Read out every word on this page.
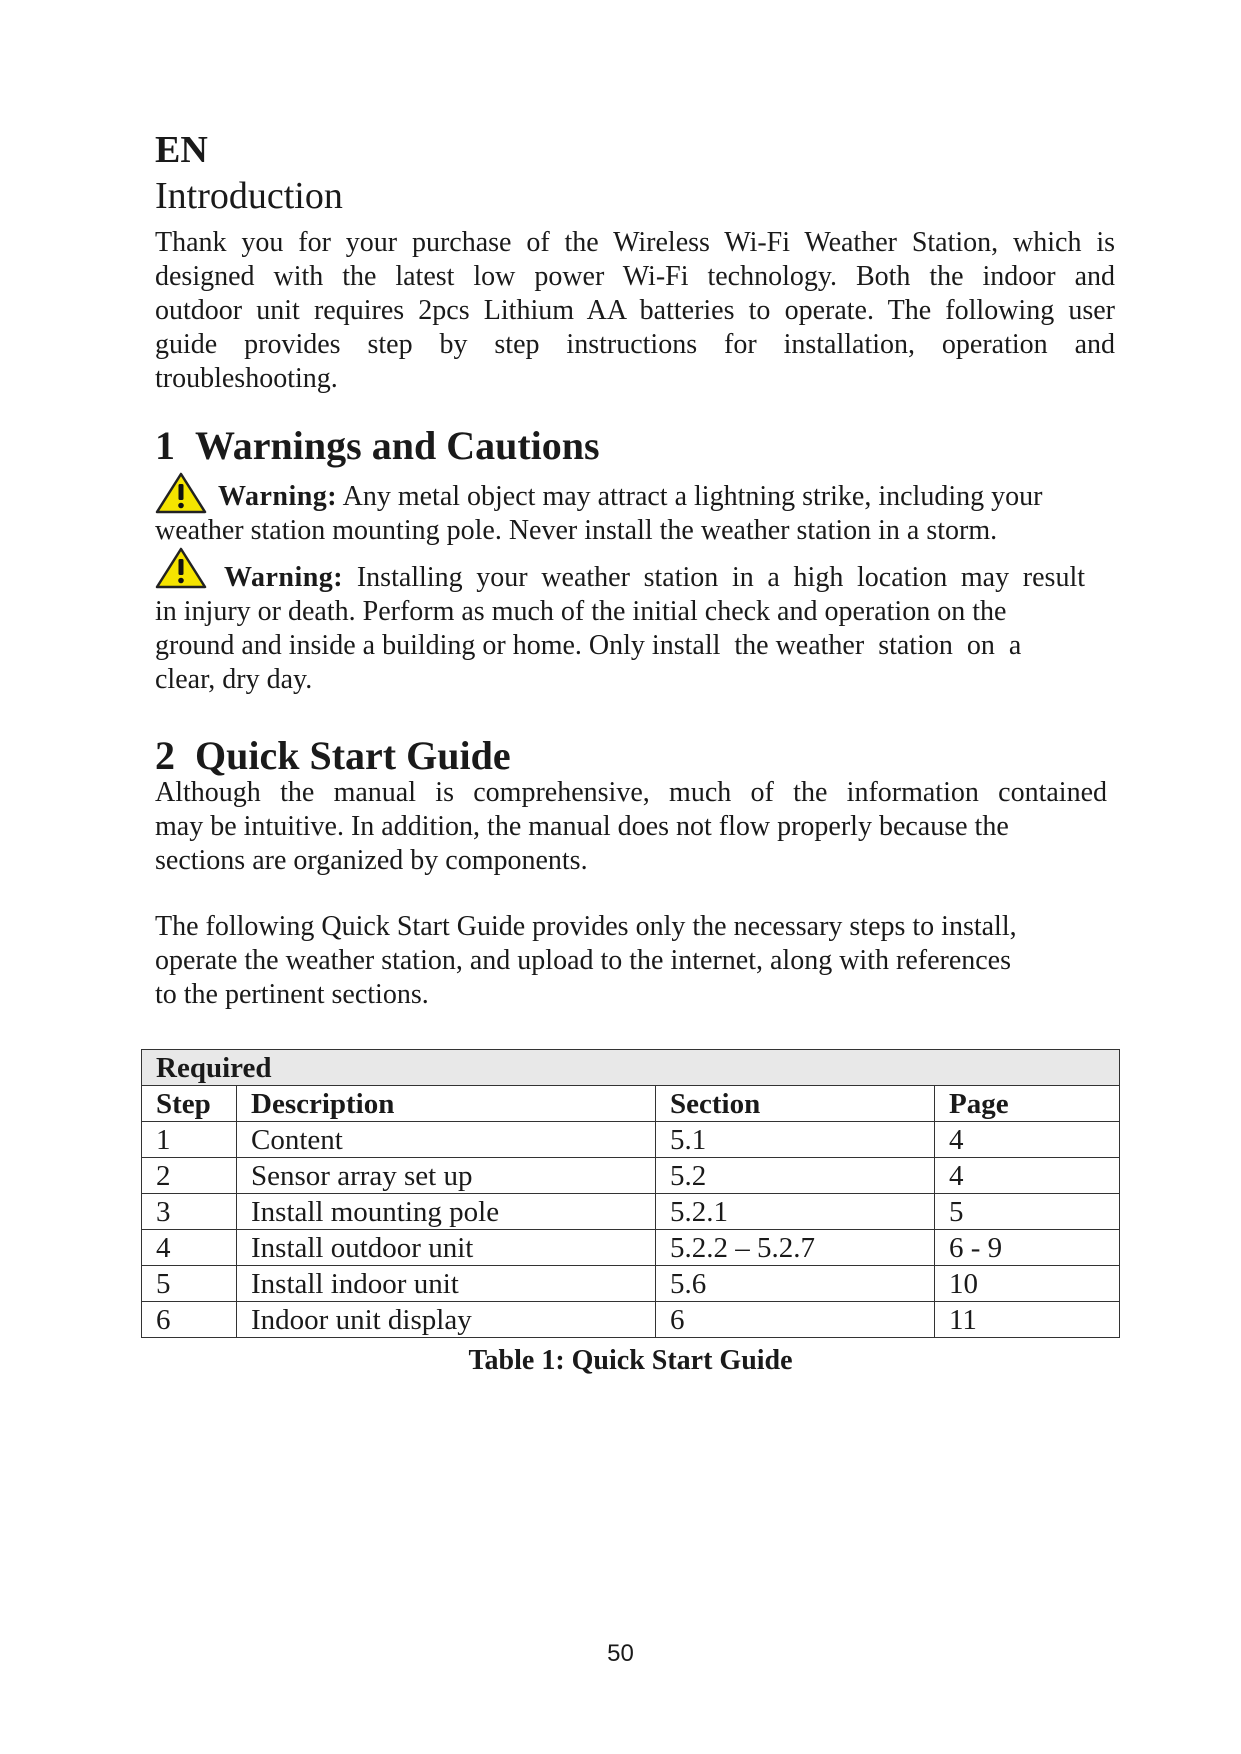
EN
Introduction
Thank you for your purchase of the Wireless Wi-Fi Weather Station, which is
designed with the latest low power Wi-Fi technology. Both the indoor and
outdoor unit requires 2pcs Lithium AA batteries to operate. The following user
guide provides step by step instructions for installation, operation and
troubleshooting.
1 Warnings and Cautions
Warning: Any metal object may attract a lightning strike, including your
weather station mounting pole. Never install the weather station in a storm.
Warning: Installing your weather station in a high location may result
in injury or death. Perform as much of the initial check and operation on the
ground and inside a building or home. Only install  the weather  station  on  a
clear, dry day.
2 Quick Start Guide
Although the manual is comprehensive, much of the information contained
may be intuitive. In addition, the manual does not flow properly because the
sections are organized by components.
The following Quick Start Guide provides only the necessary steps to install,
operate the weather station, and upload to the internet, along with references
to the pertinent sections.
Required			
Step	Description	Section	Page
1	Content	5.1	4
2	Sensor array set up	5.2	4
3	Install mounting pole	5.2.1	5
4	Install outdoor unit	5.2.2 – 5.2.7	6 - 9
5	Install indoor unit	5.6	10
6	Indoor unit display	6	11
Table 1: Quick Start Guide
50
